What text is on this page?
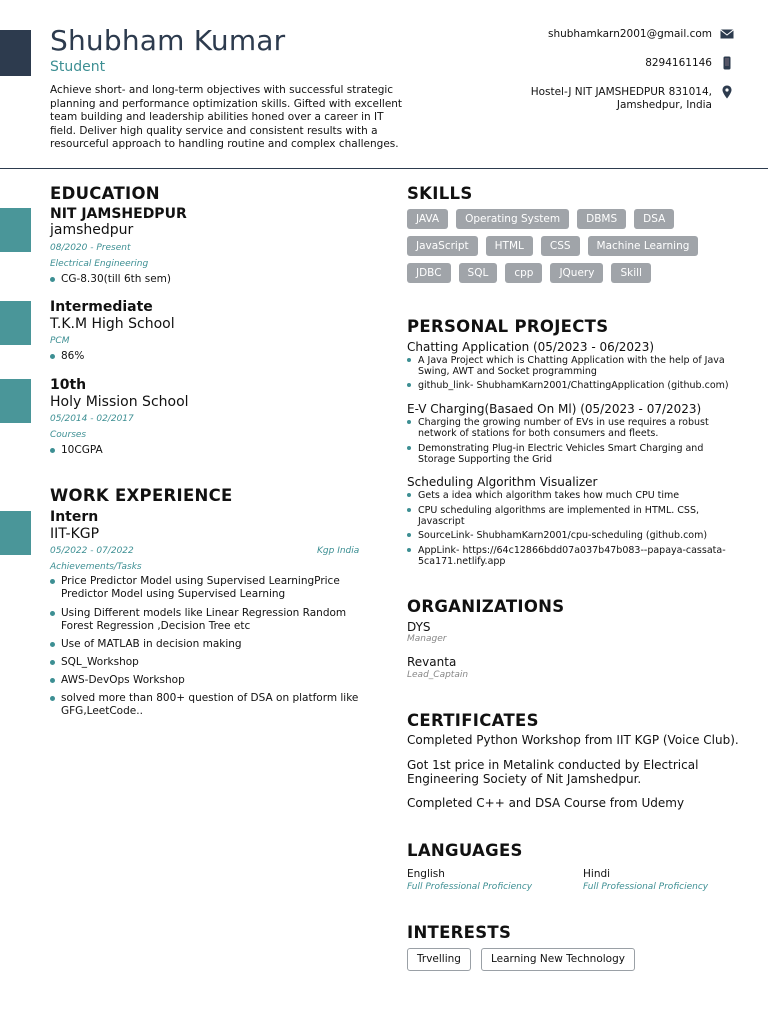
Shubham Kumar
Student
Achieve short- and long-term objectives with successful strategic planning and performance optimization skills. Gifted with excellent team building and leadership abilities honed over a career in IT field. Deliver high quality service and consistent results with a resourceful approach to handling routine and complex challenges.
shubhamkarn2001@gmail.com
8294161146
Hostel-J NIT JAMSHEDPUR 831014, Jamshedpur, India
EDUCATION
NIT JAMSHEDPUR
jamshedpur
08/2020 - Present
Electrical Engineering
CG-8.30(till 6th sem)
Intermediate
T.K.M High School
PCM
86%
10th
Holy Mission School
05/2014 - 02/2017
Courses
10CGPA
WORK EXPERIENCE
Intern
IIT-KGP
05/2022 - 07/2022	Kgp India
Achievements/Tasks
Price Predictor Model using Supervised LearningPrice Predictor Model using Supervised Learning
Using Different models like Linear Regression Random Forest Regression ,Decision Tree etc
Use of MATLAB in decision making
SQL_Workshop
AWS-DevOps Workshop
solved more than 800+ question of DSA on platform like GFG,LeetCode..
SKILLS
JAVA	Operating System	DBMS	DSA
JavaScript	HTML	CSS	Machine Learning
JDBC	SQL	cpp	JQuery	Skill
PERSONAL PROJECTS
Chatting Application (05/2023 - 06/2023)
A Java Project which is Chatting Application with the help of Java Swing, AWT and Socket programming
github_link- ShubhamKarn2001/ChattingApplication (github.com)
E-V Charging(Basaed On Ml) (05/2023 - 07/2023)
Charging the growing number of EVs in use requires a robust network of stations for both consumers and fleets.
Demonstrating Plug-in Electric Vehicles Smart Charging and Storage Supporting the Grid
Scheduling Algorithm Visualizer
Gets a idea which algorithm takes how much CPU time
CPU scheduling algorithms are implemented in HTML. CSS, Javascript
SourceLink- ShubhamKarn2001/cpu-scheduling (github.com)
AppLink- https://64c12866bdd07a037b47b083--papaya-cassata-5ca171.netlify.app
ORGANIZATIONS
DYS
Manager
Revanta
Lead_Captain
CERTIFICATES
Completed Python Workshop from IIT KGP (Voice Club).
Got 1st price in Metalink conducted by Electrical Engineering Society of Nit Jamshedpur.
Completed C++ and DSA Course from Udemy
LANGUAGES
English
Full Professional Proficiency
Hindi
Full Professional Proficiency
INTERESTS
Trvelling	Learning New Technology
